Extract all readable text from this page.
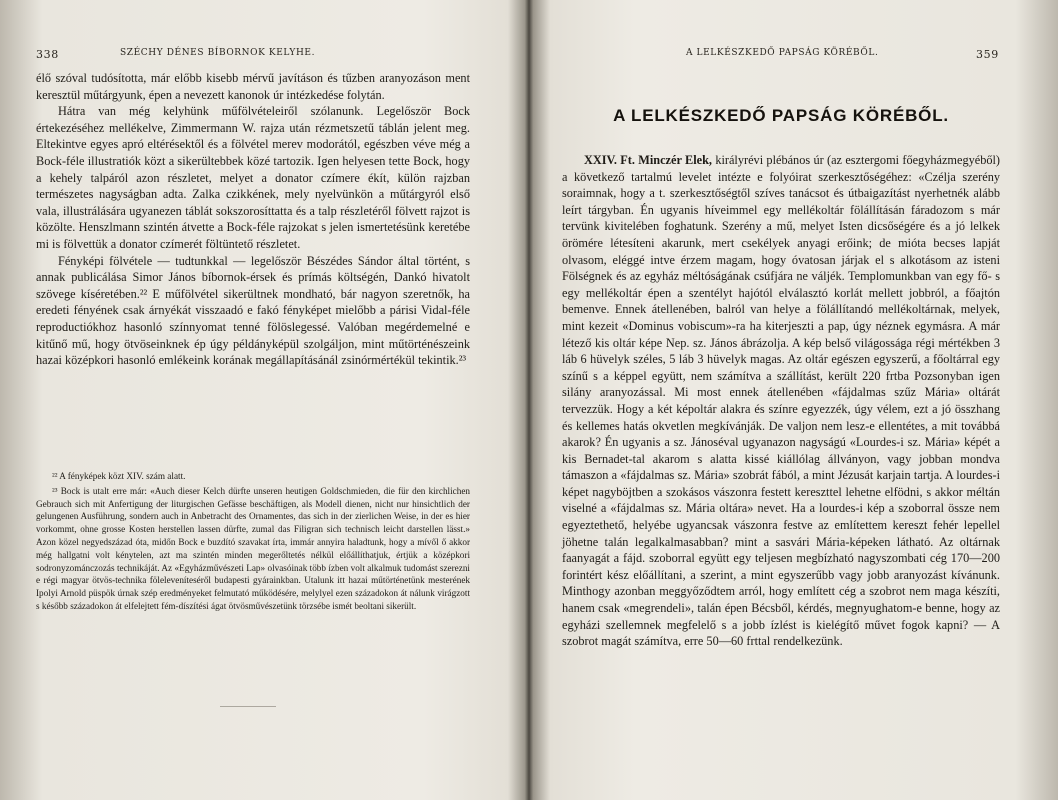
338	SZÉCHY DÉNES BÍBORNOK KELYHE.

élő szóval tudósította, már előbb kisebb mérvű javításon és tűzben aranyozáson ment keresztül műtárgyunk, épen a nevezett kanonok úr intézkedése folytán.

Hátra van még kelyhünk műfölvételeiről szólanunk. Legelőször Bock értekezéséhez mellékelve, Zimmermann W. rajza után rézmetszetű táblán jelent meg. Eltekintve egyes apró eltérésektől és a fölvétel merev modorától, egészben véve még a Bock-féle illustratiók közt a sikerültebbek közé tartozik. Igen helyesen tette Bock, hogy a kehely talpáról azon részletet, melyet a donator czímere ékít, külön rajzban természetes nagyságban adta. Zalka czikkének, mely nyelvünkön a műtárgyról első vala, illustrálására ugyanezen táblát sokszorosíttatta és a talp részletéről fölvett rajzot is közölte. Henszlmann szintén átvette a Bock-féle rajzokat s jelen ismertetésünk keretébe mi is fölvettük a donator czímerét föltüntető részletet.

Fényképi fölvétele — tudtunkkal — legelőször Bészédes Sándor által történt, s annak publicálása Simor János bíbornok-érsek és prímás költségén, Dankó hivatolt szövege kíséretében.²² E műfölvétel sikerültnek mondható, bár nagyon szeretnők, ha eredeti fényének csak árnyékát visszaadó e fakó fényképet mielőbb a párisi Vidal-féle reproductiókhoz hasonló színnyomat tenné fölöslegessé. Valóban megérdemelné e kitűnő mű, hogy ötvöseinknek ép úgy példányképül szolgáljon, mint műtörténészeink hazai középkori hasonló emlékeink korának megállapításánál zsinórmértékül tekintik.²³

²² A fényképek közt XIV. szám alatt.

²³ Bock is utalt erre már: «Auch dieser Kelch dürfte unseren heutigen Goldschmieden, die für den kirchlichen Gebrauch sich mit Anfertigung der liturgischen Gefässe beschäftigen, als Modell dienen, nicht nur hinsichtlich der gelungenen Ausführung, sondern auch in Anbetracht des Ornamentes, das sich in der zierlichen Weise, in der es hier vorkommt, ohne grosse Kosten herstellen lassen dürfte, zumal das Filigran sich technisch leicht darstellen lässt.» Azon közel negyedszázad óta, midőn Bock e buzdító szavakat írta, immár annyira haladtunk, hogy a mívől ő akkor még hallgatni volt kénytelen, azt ma szintén minden megerőltetés nélkül előállíthatjuk, értjük a középkori sodronyzománczozás technikáját. Az «Egyházművészeti Lap» olvasóinak több ízben volt alkalmuk tudomást szerezni e régi magyar ötvös-technika föleleveníteséről budapesti gyárainkban. Utalunk itt hazai műtörténetünk mesterének Ipolyi Arnold püspök úrnak szép eredményeket felmutató működésére, melylyel ezen századokon át nálunk virágzott s később századokon át elfelejtett fém-díszítési ágat ötvösművészetünk törzsébe ismét beoltani sikerült.

A LELKÉSZKEDŐ PAPSÁG KÖRÉBŐL.	359
A LELKÉSZKEDŐ PAPSÁG KÖRÉBŐL.

XXIV. Ft. Minczér Elek, királyrévi plébános úr (az esztergomi főegyházmegyéből) a következő tartalmú levelet intézte e folyóirat szerkesztőségéhez: «Czélja szerény soraimnak, hogy a t. szerkesztőségtől szíves tanácsot és útbaigazítást nyerhetnék alább leírt tárgyban. Én ugyanis híveimmel egy mellékoltár fölállításán fáradozom s már tervünk kivitelében foghatunk. Szerény a mű, melyet Isten dicsőségére és a jó lelkek örömére létesíteni akarunk, mert csekélyek anyagi erőink; de mióta becses lapját olvasom, eléggé intve érzem magam, hogy óvatosan járjak el s alkotásom az isteni Fölségnek és az egyház méltóságának csúfjára ne váljék. Templomunkban van egy fő- s egy mellékoltár épen a szentélyt hajótól elválasztó korlát mellett jobbról, a főajtón bemenve. Ennek átellenében, balról van helye a fölállítandó mellékoltárnak, melyek, mint kezeit «Dominus vobiscum»-ra ha kiterjeszti a pap, úgy néznek egymásra. A már létező kis oltár képe Nep. sz. János ábrázolja. A kép belső világossága régi mértékben 3 láb 6 hüvelyk széles, 5 láb 3 hüvelyk magas. Az oltár egészen egyszerű, a főoltárral egy színű s a képpel együtt, nem számítva a szállítást, került 220 frtba Pozsonyban igen silány aranyozással. Mi most ennek átellenében «fájdalmas szűz Mária» oltárát tervezzük. Hogy a két képoltár alakra és színre egyezzék, úgy vélem, ezt a jó összhang és kellemes hatás okvetlen megkívánják. De valjon nem lesz-e ellentétes, a mit továbbá akarok? Én ugyanis a sz. Jánoséval ugyanazon nagyságú «Lourdes-i sz. Mária» képét a kis Bernadet-tal akarom s alatta kissé kiállólag állványon, vagy jobban mondva támaszon a «fájdalmas sz. Mária» szobrát fából, a mint Jézusát karjain tartja. A lourdes-i képet nagyböjtben a szokásos vászonra festett kereszttel lehetne elfödni, s akkor méltán viselné a «fájdalmas sz. Mária oltára» nevet. Ha a lourdes-i kép a szoborral össze nem egyeztethető, helyébe ugyancsak vászonra festve az említettem kereszt fehér lepellel jöhetne talán legalkalmasabban? mint a sasvári Mária-képeken látható. Az oltárnak faanyagát a fájd. szoborral együtt egy teljesen megbízható nagyszombati cég 170—200 forintért kész előállítani, a szerint, a mint egyszerűbb vagy jobb aranyozást kívánunk. Minthogy azonban meggyőződtem arról, hogy említett cég a szobrot nem maga készíti, hanem csak «megrendeli», talán épen Bécsből, kérdés, megnyughatom-e benne, hogy az egyházi szellemnek megfelelő s a jobb ízlést is kielégítő művet fogok kapni? — A szobrot magát számítva, erre 50—60 frttal rendelkezünk.
